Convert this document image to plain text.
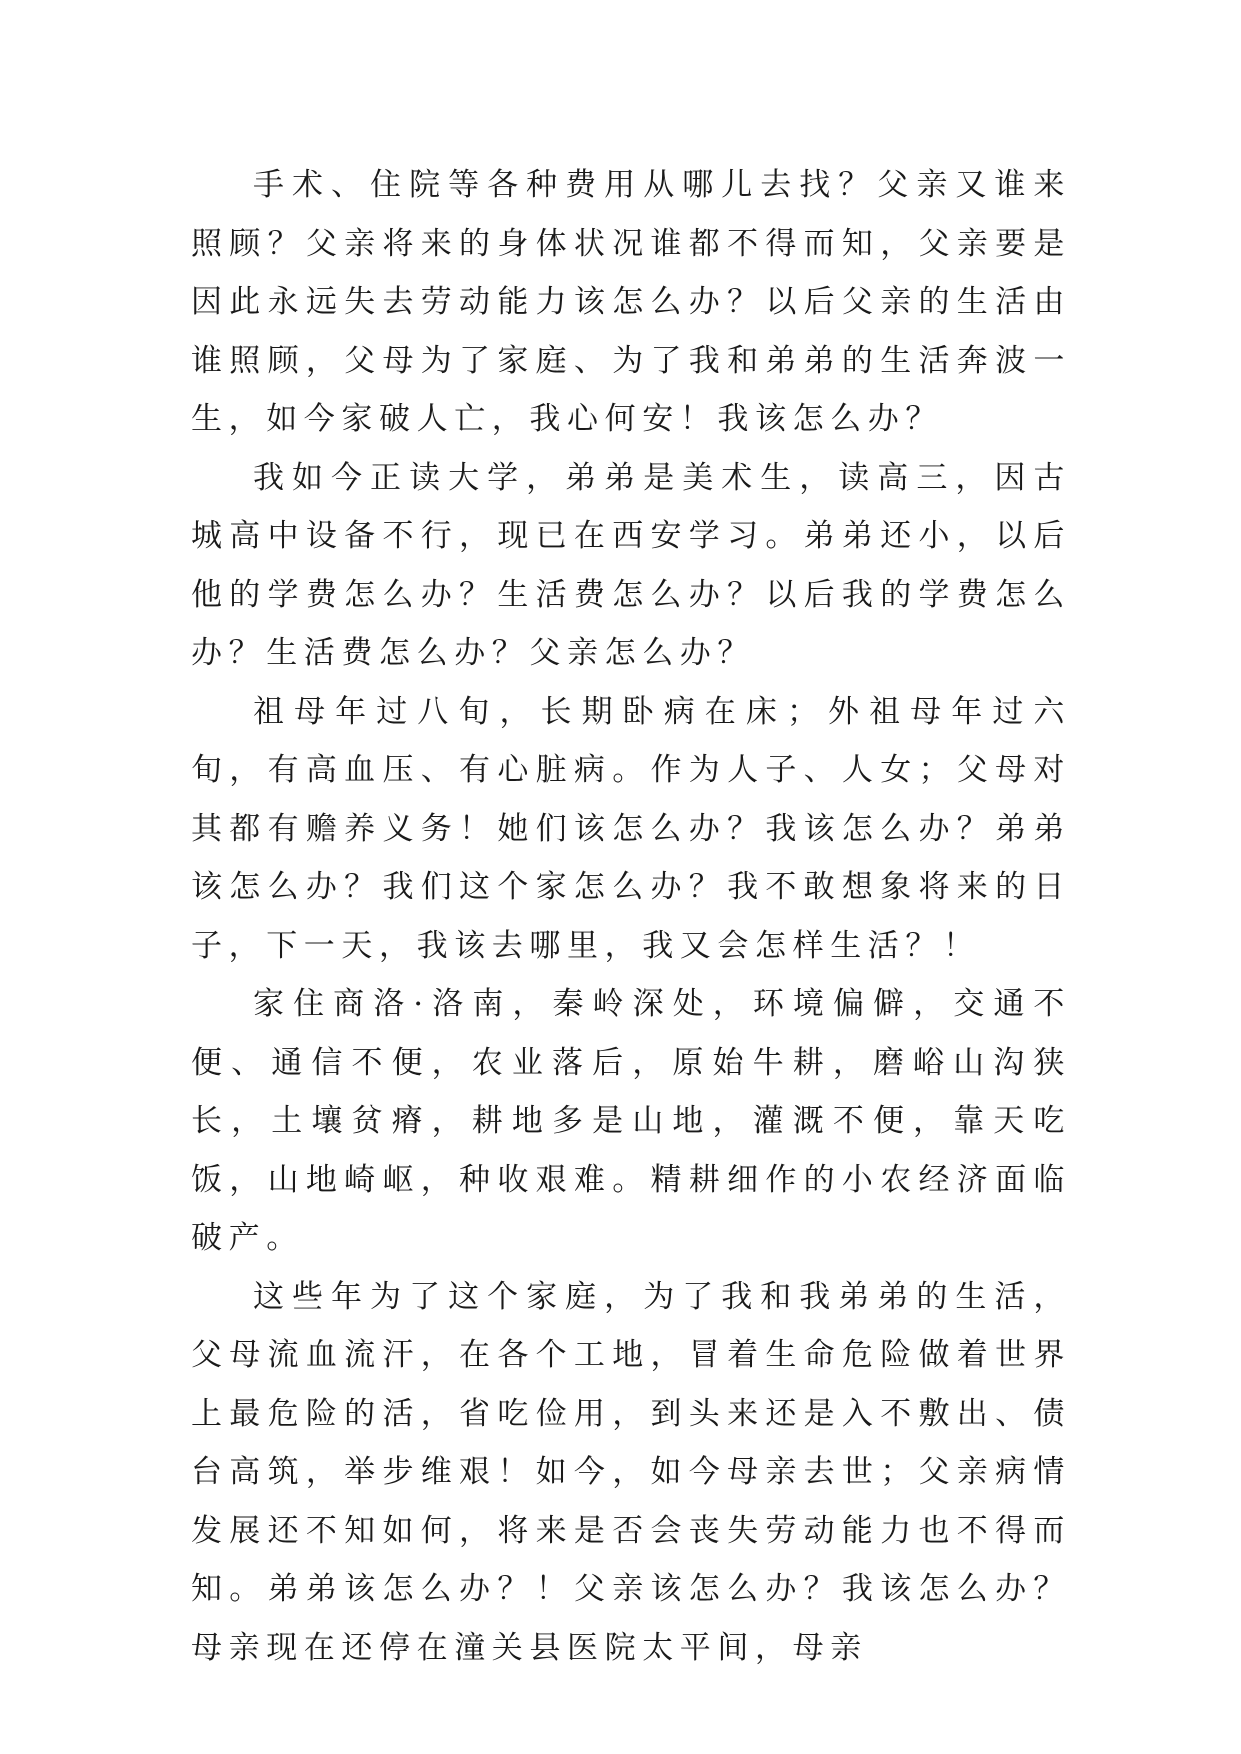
手术、住院等各种费用从哪儿去找？父亲又谁来照顾？父亲将来的身体状况谁都不得而知，父亲要是因此永远失去劳动能力该怎么办？以后父亲的生活由谁照顾，父母为了家庭、为了我和弟弟的生活奔波一生，如今家破人亡，我心何安！我该怎么办？

我如今正读大学，弟弟是美术生，读高三，因古城高中设备不行，现已在西安学习。弟弟还小，以后他的学费怎么办？生活费怎么办？以后我的学费怎么办？生活费怎么办？父亲怎么办？

祖母年过八旬，长期卧病在床；外祖母年过六旬，有高血压、有心脏病。作为人子、人女；父母对其都有赡养义务！她们该怎么办？我该怎么办？弟弟该怎么办？我们这个家怎么办？我不敢想象将来的日子，下一天，我该去哪里，我又会怎样生活？！

家住商洛·洛南，秦岭深处，环境偏僻，交通不便、通信不便，农业落后，原始牛耕，磨峪山沟狭长，土壤贫瘠，耕地多是山地，灌溉不便，靠天吃饭，山地崎岖，种收艰难。精耕细作的小农经济面临破产。

这些年为了这个家庭，为了我和我弟弟的生活，父母流血流汗，在各个工地，冒着生命危险做着世界上最危险的活，省吃俭用，到头来还是入不敷出、债台高筑，举步维艰！如今，如今母亲去世；父亲病情发展还不知如何，将来是否会丧失劳动能力也不得而知。弟弟该怎么办？！父亲该怎么办？我该怎么办？母亲现在还停在潼关县医院太平间，母亲
